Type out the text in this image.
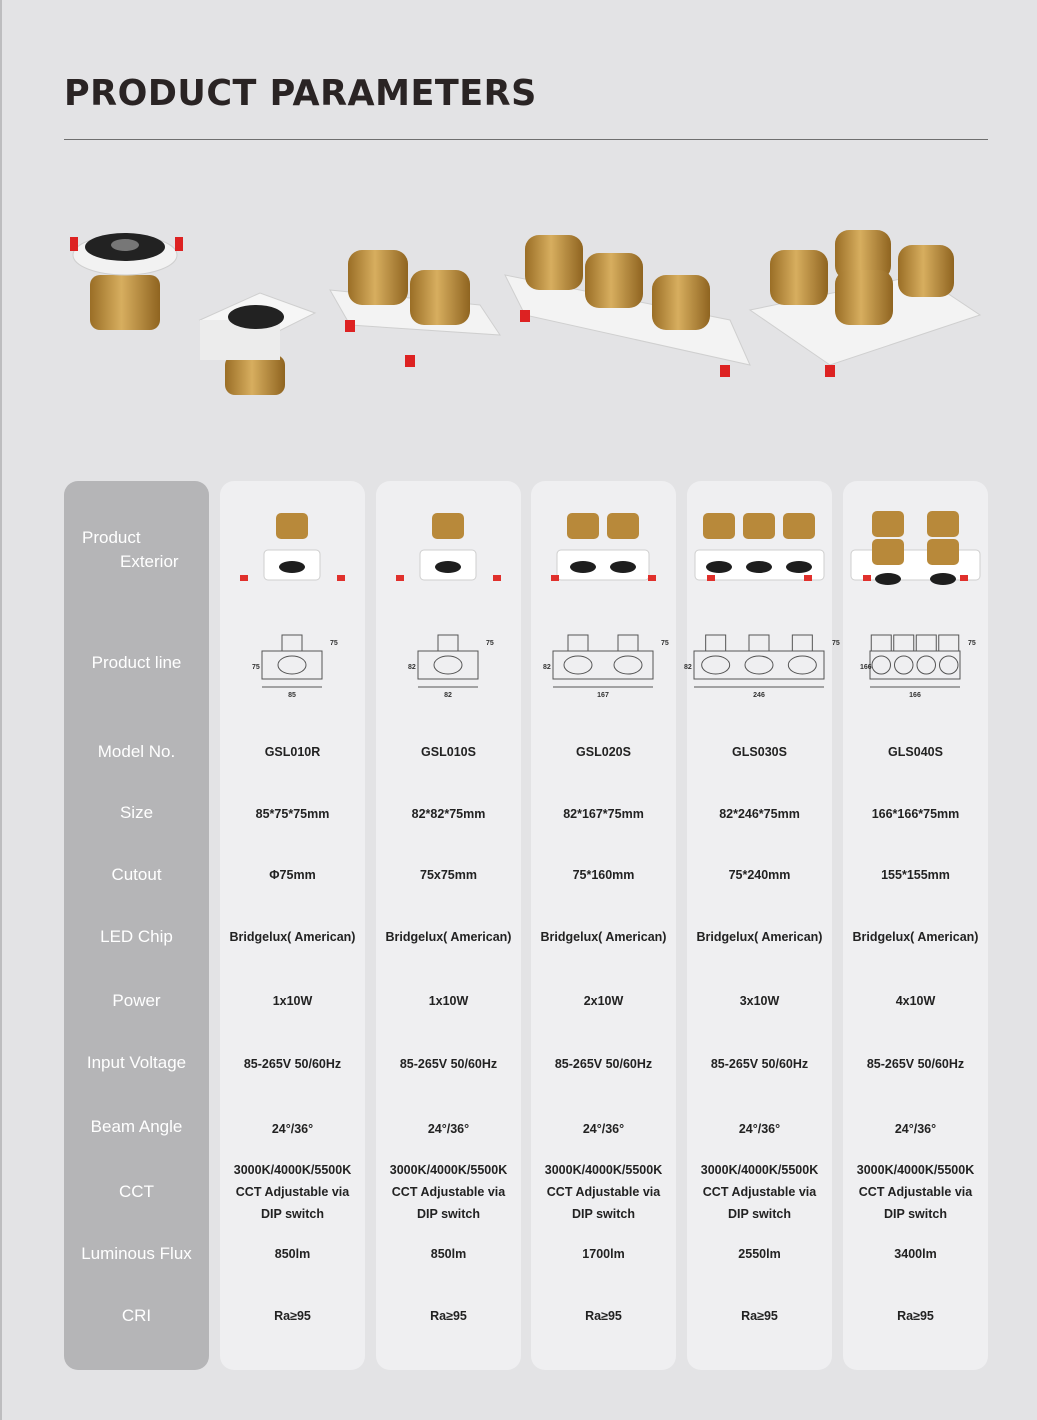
PRODUCT PARAMETERS
Product
Exterior
Product line
Model No.
Size
Cutout
LED Chip
Power
Input Voltage
Beam Angle
CCT
Luminous Flux
CRI
85
75
75
GSL010R
85*75*75mm
Φ75mm
Bridgelux( American)
1x10W
85-265V 50/60Hz
24°/36°
3000K/4000K/5500K
CCT Adjustable via
DIP switch
850lm
Ra≥95
82
75
82
GSL010S
82*82*75mm
75x75mm
Bridgelux( American)
1x10W
85-265V 50/60Hz
24°/36°
3000K/4000K/5500K
CCT Adjustable via
DIP switch
850lm
Ra≥95
167
75
82
GSL020S
82*167*75mm
75*160mm
Bridgelux( American)
2x10W
85-265V 50/60Hz
24°/36°
3000K/4000K/5500K
CCT Adjustable via
DIP switch
1700lm
Ra≥95
246
75
82
GLS030S
82*246*75mm
75*240mm
Bridgelux( American)
3x10W
85-265V 50/60Hz
24°/36°
3000K/4000K/5500K
CCT Adjustable via
DIP switch
2550lm
Ra≥95
166
75
166
GLS040S
166*166*75mm
155*155mm
Bridgelux( American)
4x10W
85-265V 50/60Hz
24°/36°
3000K/4000K/5500K
CCT Adjustable via
DIP switch
3400lm
Ra≥95
